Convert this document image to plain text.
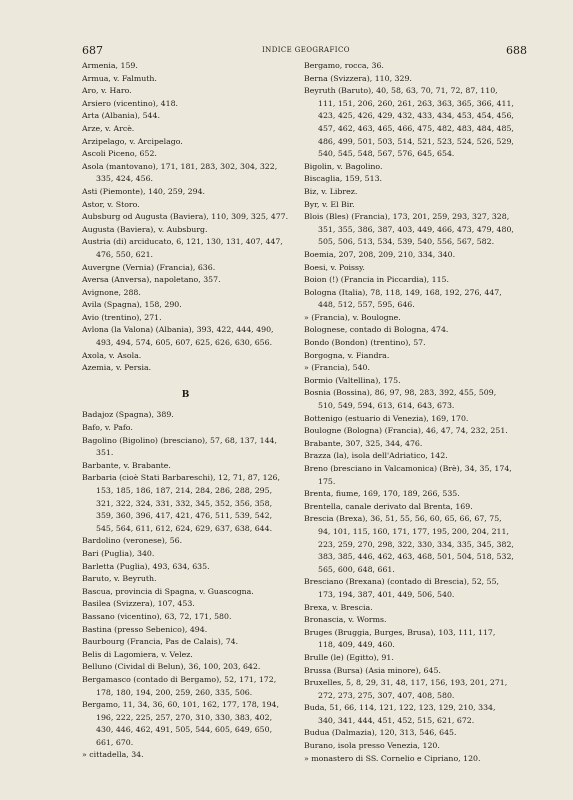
687	INDICE GEOGRAFICO	688
Armenia, 159.
Armua, v. Falmuth.
Aro, v. Haro.
Arsiero (vicentino), 418.
Arta (Albania), 544.
Arze, v. Arcè.
Arzipelago, v. Arcipelago.
Ascoli Piceno, 652.
Asola (mantovano), 171, 181, 283, 302, 304, 322, 335, 424, 456.
Asti (Piemonte), 140, 259, 294.
Astor, v. Storo.
Aubsburg od Augusta (Baviera), 110, 309, 325, 477.
Augusta (Baviera), v. Aubsburg.
Austria (di) arciducato, 6, 121, 130, 131, 407, 447, 476, 550, 621.
Auvergne (Vernia) (Francia), 636.
Aversa (Anversa), napoletano, 357.
Avignone, 288.
Avila (Spagna), 158, 290.
Avio (trentino), 271.
Avlona (la Valona) (Albania), 393, 422, 444, 490, 493, 494, 574, 605, 607, 625, 626, 630, 656.
Axola, v. Asola.
Azemia, v. Persia.
B
Badajoz (Spagna), 389.
Bafo, v. Pafo.
Bagolino (Bigolino) (bresciano), 57, 68, 137, 144, 351.
Barbante, v. Brabante.
Barbaria (cioè Stati Barbareschi), 12, 71, 87, 126, 153, 185, 186, 187, 214, 284, 286, 288, 295, 321, 322, 324, 331, 332, 345, 352, 356, 358, 359, 360, 396, 417, 421, 476, 511, 539, 542, 545, 564, 611, 612, 624, 629, 637, 638, 644.
Bardolino (veronese), 56.
Bari (Puglia), 340.
Barletta (Puglia), 493, 634, 635.
Baruto, v. Beyruth.
Bascua, provincia di Spagna, v. Guascogna.
Basilea (Svizzera), 107, 453.
Bassano (vicentino), 63, 72, 171, 580.
Bastina (presso Sebenico), 494.
Baurbourg (Francia, Pas de Calais), 74.
Belis di Lagomiera, v. Velez.
Belluno (Cividal di Belun), 36, 100, 203, 642.
Bergamasco (contado di Bergamo), 52, 171, 172, 178, 180, 194, 200, 259, 260, 335, 506.
Bergamo, 11, 34, 36, 60, 101, 162, 177, 178, 194, 196, 222, 225, 257, 270, 310, 330, 383, 402, 430, 446, 462, 491, 505, 544, 605, 649, 650, 661, 670.
» cittadella, 34.
Bergamo, rocca, 36.
Berna (Svizzera), 110, 329.
Beyruth (Baruto), 40, 58, 63, 70, 71, 72, 87, 110, 111, 151, 206, 260, 261, 263, 363, 365, 366, 411, 423, 425, 426, 429, 432, 433, 434, 453, 454, 456, 457, 462, 463, 465, 466, 475, 482, 483, 484, 485, 486, 499, 501, 503, 514, 521, 523, 524, 526, 529, 540, 545, 548, 567, 576, 645, 654.
Bigolin, v. Bagolino.
Biscaglia, 159, 513.
Biz, v. Librez.
Byr, v. El Bir.
Blois (Bles) (Francia), 173, 201, 259, 293, 327, 328, 351, 355, 386, 387, 403, 449, 466, 473, 479, 480, 505, 506, 513, 534, 539, 540, 556, 567, 582.
Boemia, 207, 208, 209, 210, 334, 340.
Boesi, v. Poissy.
Boion (!) (Francia in Piccardia), 115.
Bologna (Italia), 78, 118, 149, 168, 192, 276, 447, 448, 512, 557, 595, 646.
» (Francia), v. Boulogne.
Bolognese, contado di Bologna, 474.
Bondo (Bondon) (trentino), 57.
Borgogna, v. Fiandra.
» (Francia), 540.
Bormio (Valtellina), 175.
Bosnia (Bossina), 86, 97, 98, 283, 392, 455, 509, 510, 549, 594, 613, 614, 643, 673.
Bottenigo (estuario di Venezia), 169, 170.
Boulogne (Bologna) (Francia), 46, 47, 74, 232, 251.
Brabante, 307, 325, 344, 476.
Brazza (la), isola dell'Adriatico, 142.
Breno (bresciano in Valcamonica) (Brè), 34, 35, 174, 175.
Brenta, fiume, 169, 170, 189, 266, 535.
Brentella, canale derivato dal Brenta, 169.
Brescia (Brexa), 36, 51, 55, 56, 60, 65, 66, 67, 75, 94, 101, 115, 160, 171, 177, 195, 200, 204, 211, 223, 259, 270, 298, 322, 330, 334, 335, 345, 382, 383, 385, 446, 462, 463, 468, 501, 504, 518, 532, 565, 600, 648, 661.
Bresciano (Brexana) (contado di Brescia), 52, 55, 173, 194, 387, 401, 449, 506, 540.
Brexa, v. Brescia.
Bronascia, v. Worms.
Bruges (Bruggia, Burges, Brusa), 103, 111, 117, 118, 409, 449, 460.
Brulle (le) (Egitto), 91.
Brussa (Bursa) (Asia minore), 645.
Bruxelles, 5, 8, 29, 31, 48, 117, 156, 193, 201, 271, 272, 273, 275, 307, 407, 408, 580.
Buda, 51, 66, 114, 121, 122, 123, 129, 210, 334, 340, 341, 444, 451, 452, 515, 621, 672.
Budua (Dalmazia), 120, 313, 546, 645.
Burano, isola presso Venezia, 120.
» monastero di SS. Cornelio e Cipriano, 120.
